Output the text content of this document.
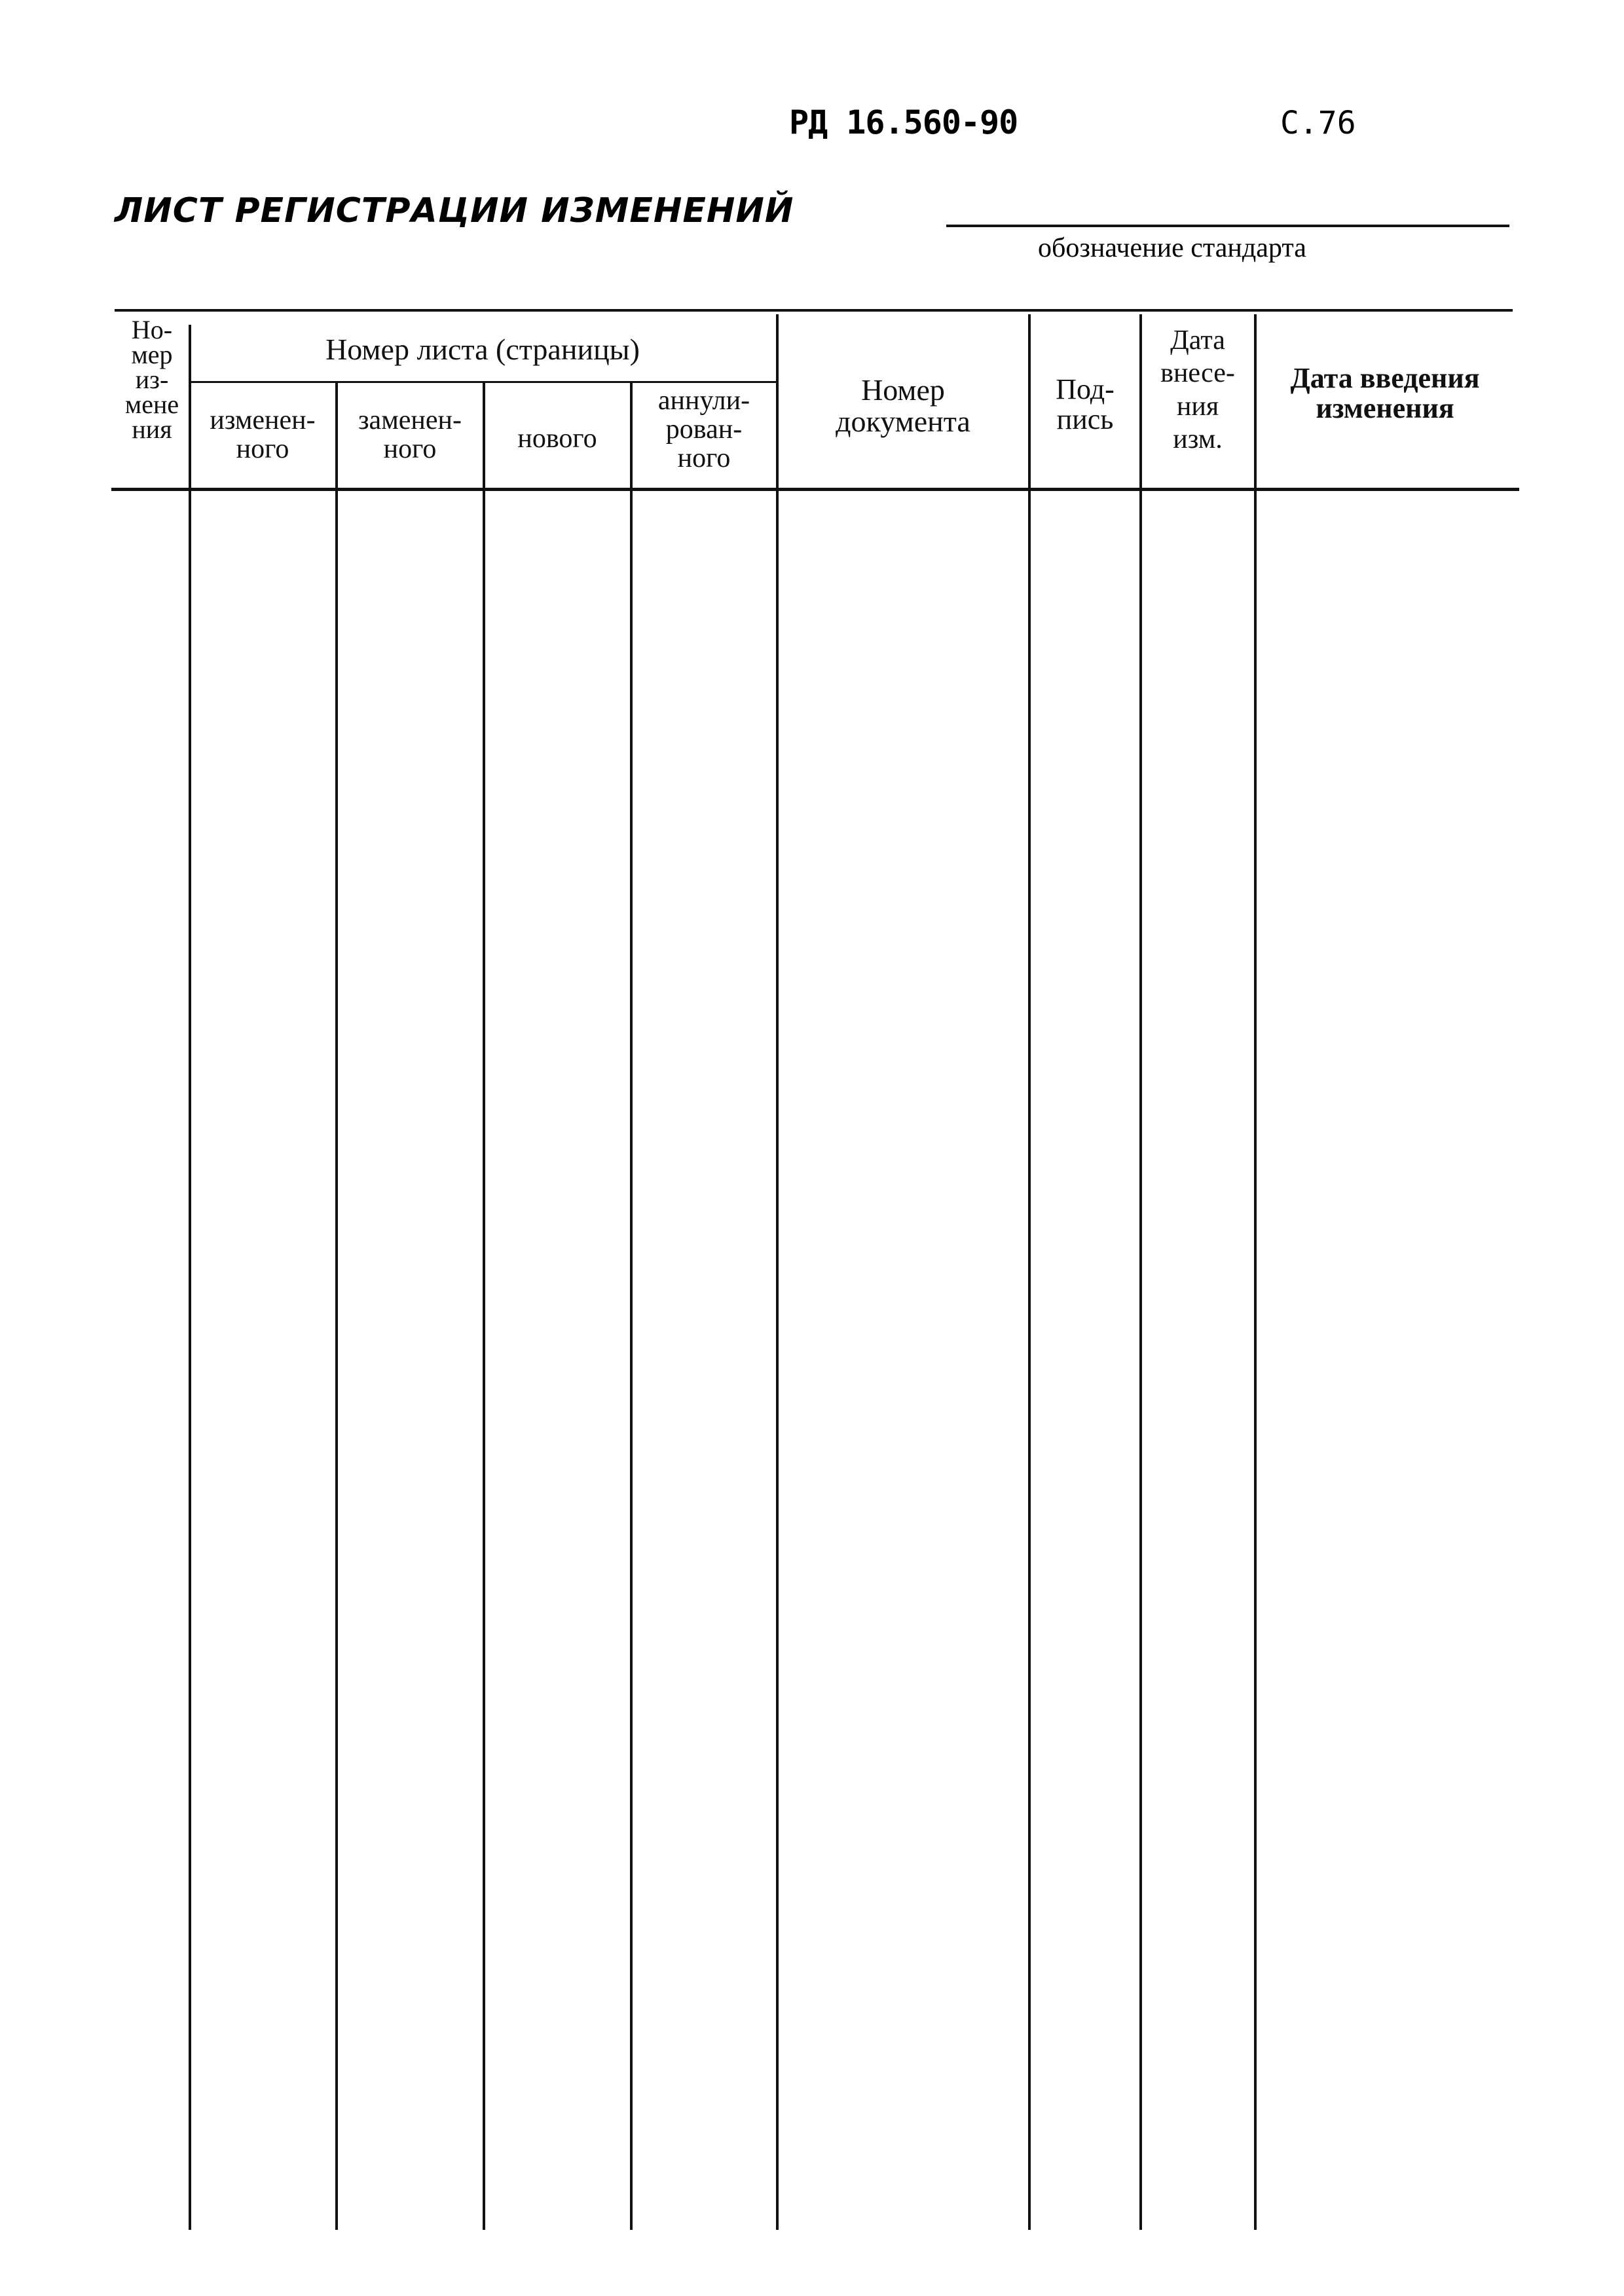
РД 16.560-90	С.76
ЛИСТ РЕГИСТРАЦИИ ИЗМЕНЕНИЙ
обозначение стандарта
Но-
мер
из-
мене
ния
Номер листа (страницы)
изменен-
ного
заменен-
ного	нового
аннули-
рован-
ного
Номер
документа
Под-
пись
Дата
внесе-
ния
изм.
Дата введения
изменения
